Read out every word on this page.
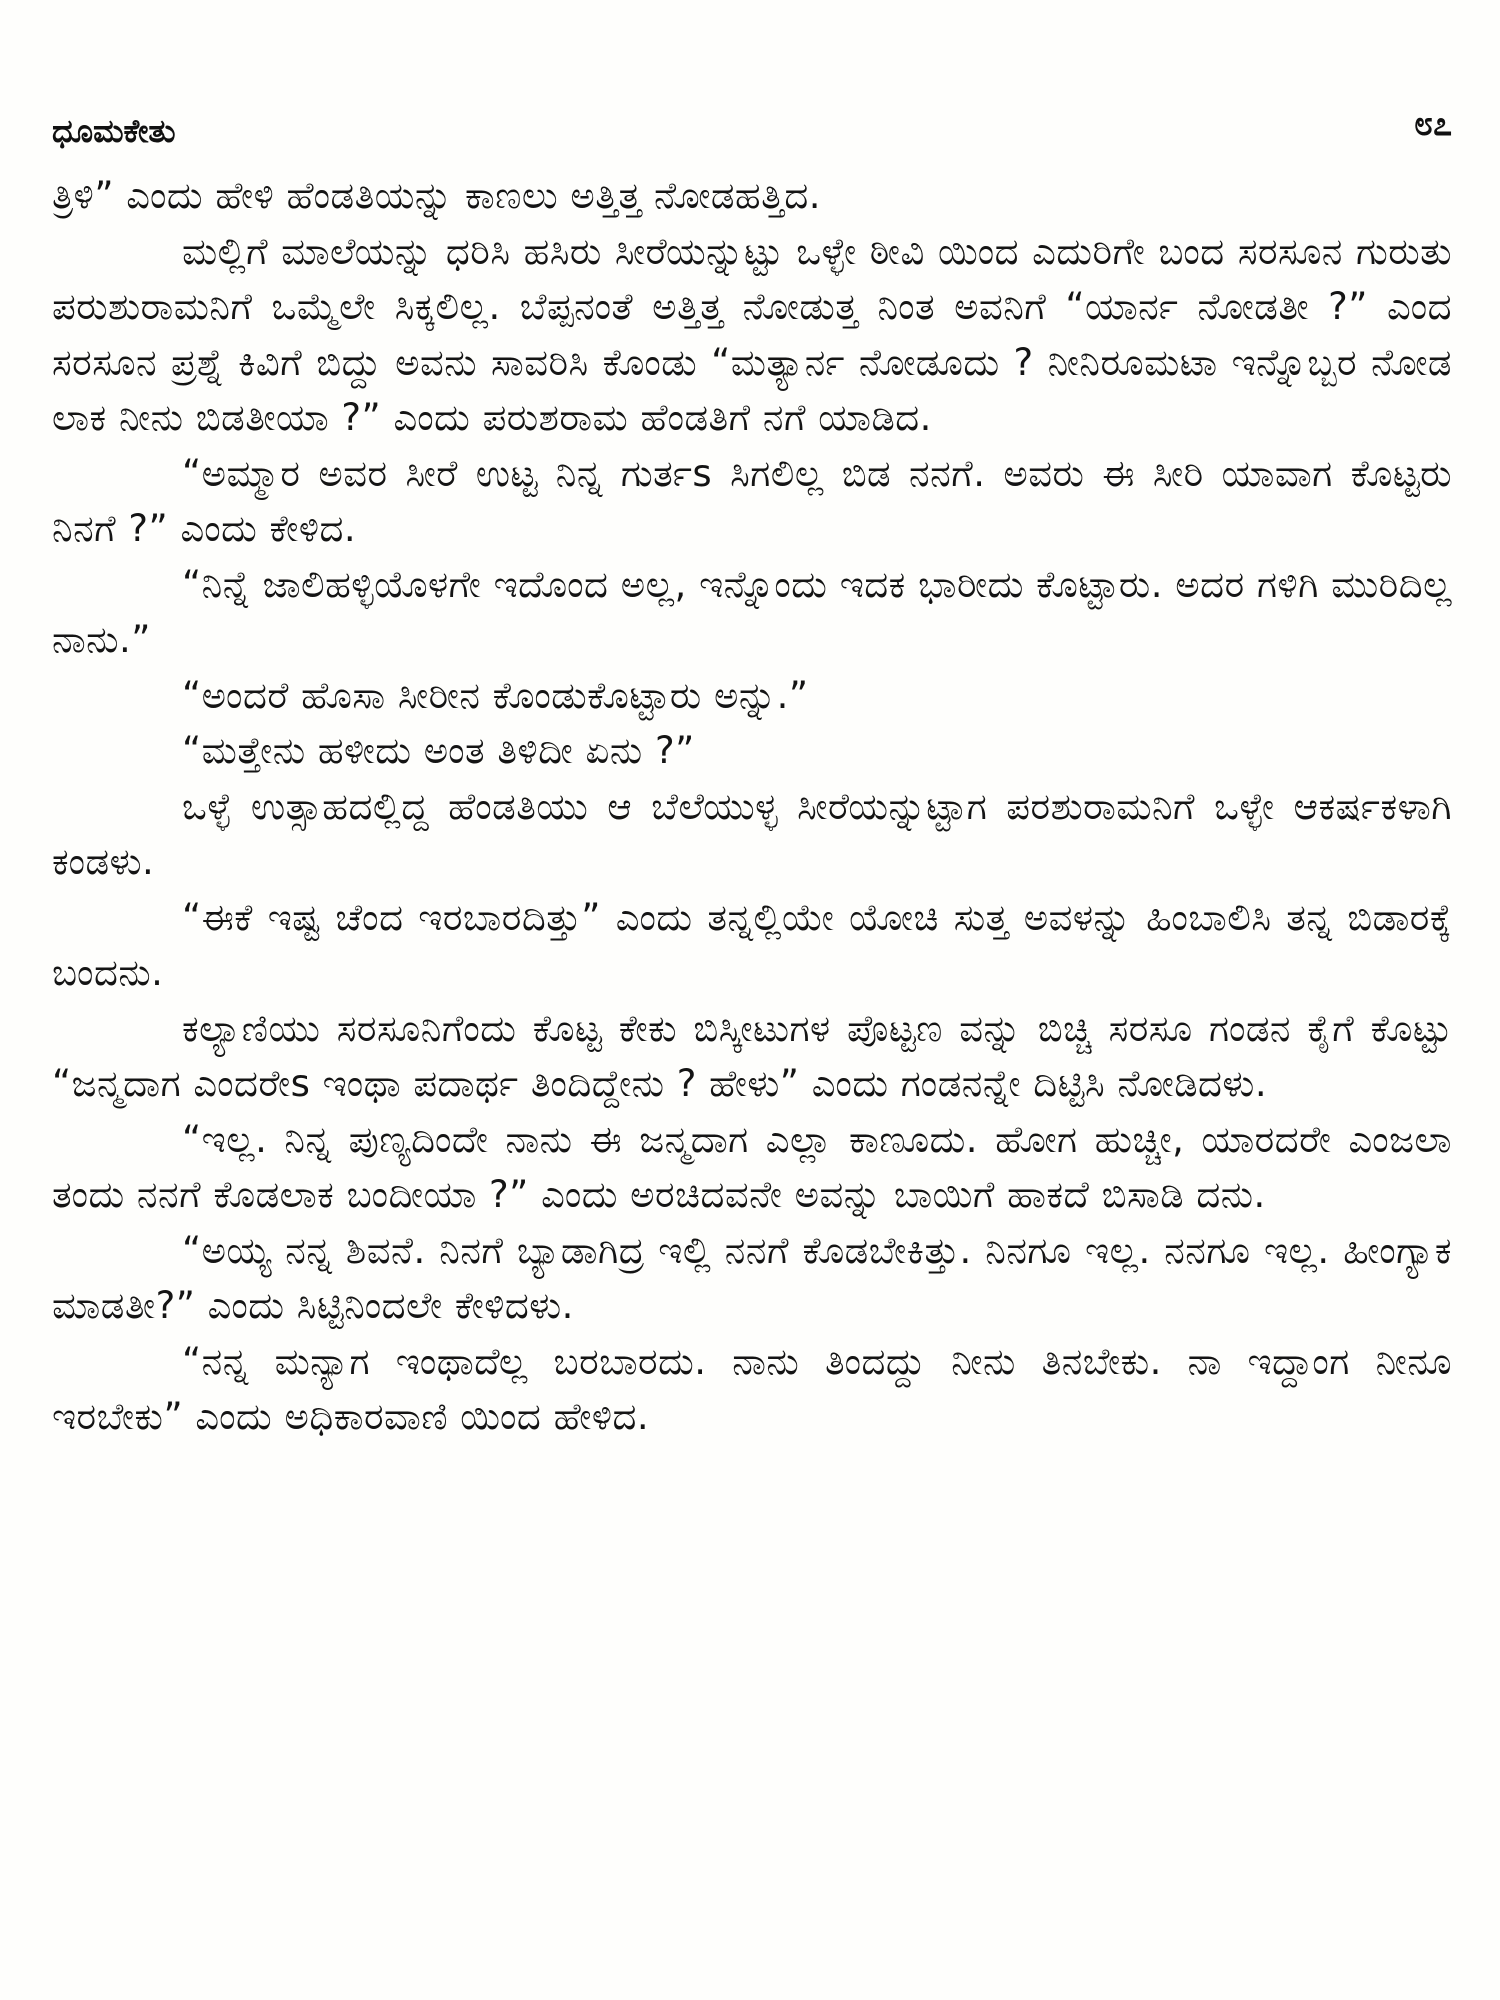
ಧೂಮಕೇತು	೮೭

ತ್ರಿಳಿ” ಎಂದು ಹೇಳಿ ಹೆಂಡತಿಯನ್ನು ಕಾಣಲು ಅತ್ತಿತ್ತ ನೋಡಹತ್ತಿದ.

ಮಲ್ಲಿಗೆ ಮಾಲೆಯನ್ನು ಧರಿಸಿ ಹಸಿರು ಸೀರೆಯನ್ನುಟ್ಟು ಒಳ್ಳೇ ಠೀವಿ ಯಿಂದ ಎದುರಿಗೇ ಬಂದ ಸರಸೂನ ಗುರುತು ಪರುಶುರಾಮನಿಗೆ ಒಮ್ಮೆಲೇ ಸಿಕ್ಕಲಿಲ್ಲ. ಬೆಪ್ಪನಂತೆ ಅತ್ತಿತ್ತ ನೋಡುತ್ತ ನಿಂತ ಅವನಿಗೆ “ಯಾರ್ನ ನೋಡತೀ ?” ಎಂದ ಸರಸೂನ ಪ್ರಶ್ನೆ ಕಿವಿಗೆ ಬಿದ್ದು ಅವನು ಸಾವರಿಸಿ ಕೊಂಡು “ಮತ್ಯಾರ್ನ ನೋಡೂದು ? ನೀನಿರೂಮಟಾ ಇನ್ನೊಬ್ಬರ ನೋಡ ಲಾಕ ನೀನು ಬಿಡತೀಯಾ ?” ಎಂದು ಪರುಶರಾಮ ಹೆಂಡತಿಗೆ ನಗೆ ಯಾಡಿದ.

“ಅಮ್ಮಾರ ಅವರ ಸೀರೆ ಉಟ್ಟ ನಿನ್ನ ಗುರ್ತs ಸಿಗಲಿಲ್ಲ ಬಿಡ ನನಗೆ. ಅವರು ಈ ಸೀರಿ ಯಾವಾಗ ಕೊಟ್ಟರು ನಿನಗೆ ?” ಎಂದು ಕೇಳಿದ.

“ನಿನ್ನೆ ಜಾಲಿಹಳ್ಳಿಯೊಳಗೇ ಇದೊಂದ ಅಲ್ಲ, ಇನ್ನೊಂದು ಇದಕ ಭಾರೀದು ಕೊಟ್ಟಾರು. ಅದರ ಗಳಿಗಿ ಮುರಿದಿಲ್ಲ ನಾನು.”

“ಅಂದರೆ ಹೊಸಾ ಸೀರೀನ ಕೊಂಡುಕೊಟ್ಟಾರು ಅನ್ನು.”

“ಮತ್ತೇನು ಹಳೀದು ಅಂತ ತಿಳಿದೀ ಏನು ?”

ಒಳ್ಳೆ ಉತ್ಸಾಹದಲ್ಲಿದ್ದ ಹೆಂಡತಿಯು ಆ ಬೆಲೆಯುಳ್ಳ ಸೀರೆಯನ್ನುಟ್ಟಾಗ ಪರಶುರಾಮನಿಗೆ ಒಳ್ಳೇ ಆಕರ್ಷಕಳಾಗಿ ಕಂಡಳು.

“ಈಕೆ ಇಷ್ಟ ಚೆಂದ ಇರಬಾರದಿತ್ತು” ಎಂದು ತನ್ನಲ್ಲಿಯೇ ಯೋಚಿ ಸುತ್ತ ಅವಳನ್ನು ಹಿಂಬಾಲಿಸಿ ತನ್ನ ಬಿಡಾರಕ್ಕೆ ಬಂದನು.

ಕಲ್ಯಾಣಿಯು ಸರಸೂನಿಗೆಂದು ಕೊಟ್ಟ ಕೇಕು ಬಿಸ್ಕೀಟುಗಳ ಪೊಟ್ಟಣ ವನ್ನು ಬಿಚ್ಚಿ ಸರಸೂ ಗಂಡನ ಕೈಗೆ ಕೊಟ್ಟು “ಜನ್ಮದಾಗ ಎಂದರೇs ಇಂಥಾ ಪದಾರ್ಥ ತಿಂದಿದ್ದೇನು ? ಹೇಳು” ಎಂದು ಗಂಡನನ್ನೇ ದಿಟ್ಟಿಸಿ ನೋಡಿದಳು.

“ಇಲ್ಲ. ನಿನ್ನ ಪುಣ್ಯದಿಂದೇ ನಾನು ಈ ಜನ್ಮದಾಗ ಎಲ್ಲಾ ಕಾಣೂದು. ಹೋಗ ಹುಚ್ಚೀ, ಯಾರದರೇ ಎಂಜಲಾ ತಂದು ನನಗೆ ಕೊಡಲಾಕ ಬಂದೀಯಾ ?” ಎಂದು ಅರಚಿದವನೇ ಅವನ್ನು ಬಾಯಿಗೆ ಹಾಕದೆ ಬಿಸಾಡಿ ದನು.

“ಅಯ್ಯ ನನ್ನ ಶಿವನೆ. ನಿನಗೆ ಬ್ಯಾಡಾಗಿದ್ರ ಇಲ್ಲಿ ನನಗೆ ಕೊಡಬೇಕಿತ್ತು. ನಿನಗೂ ಇಲ್ಲ. ನನಗೂ ಇಲ್ಲ. ಹೀಂಗ್ಯಾಕ ಮಾಡತೀ?” ಎಂದು ಸಿಟ್ಟಿನಿಂದಲೇ ಕೇಳಿದಳು.

“ನನ್ನ ಮನ್ಯಾಗ ಇಂಥಾದೆಲ್ಲ ಬರಬಾರದು. ನಾನು ತಿಂದದ್ದು ನೀನು ತಿನಬೇಕು. ನಾ ಇದ್ದಾಂಗ ನೀನೂ ಇರಬೇಕು” ಎಂದು ಅಧಿಕಾರವಾಣಿ ಯಿಂದ ಹೇಳಿದ.
